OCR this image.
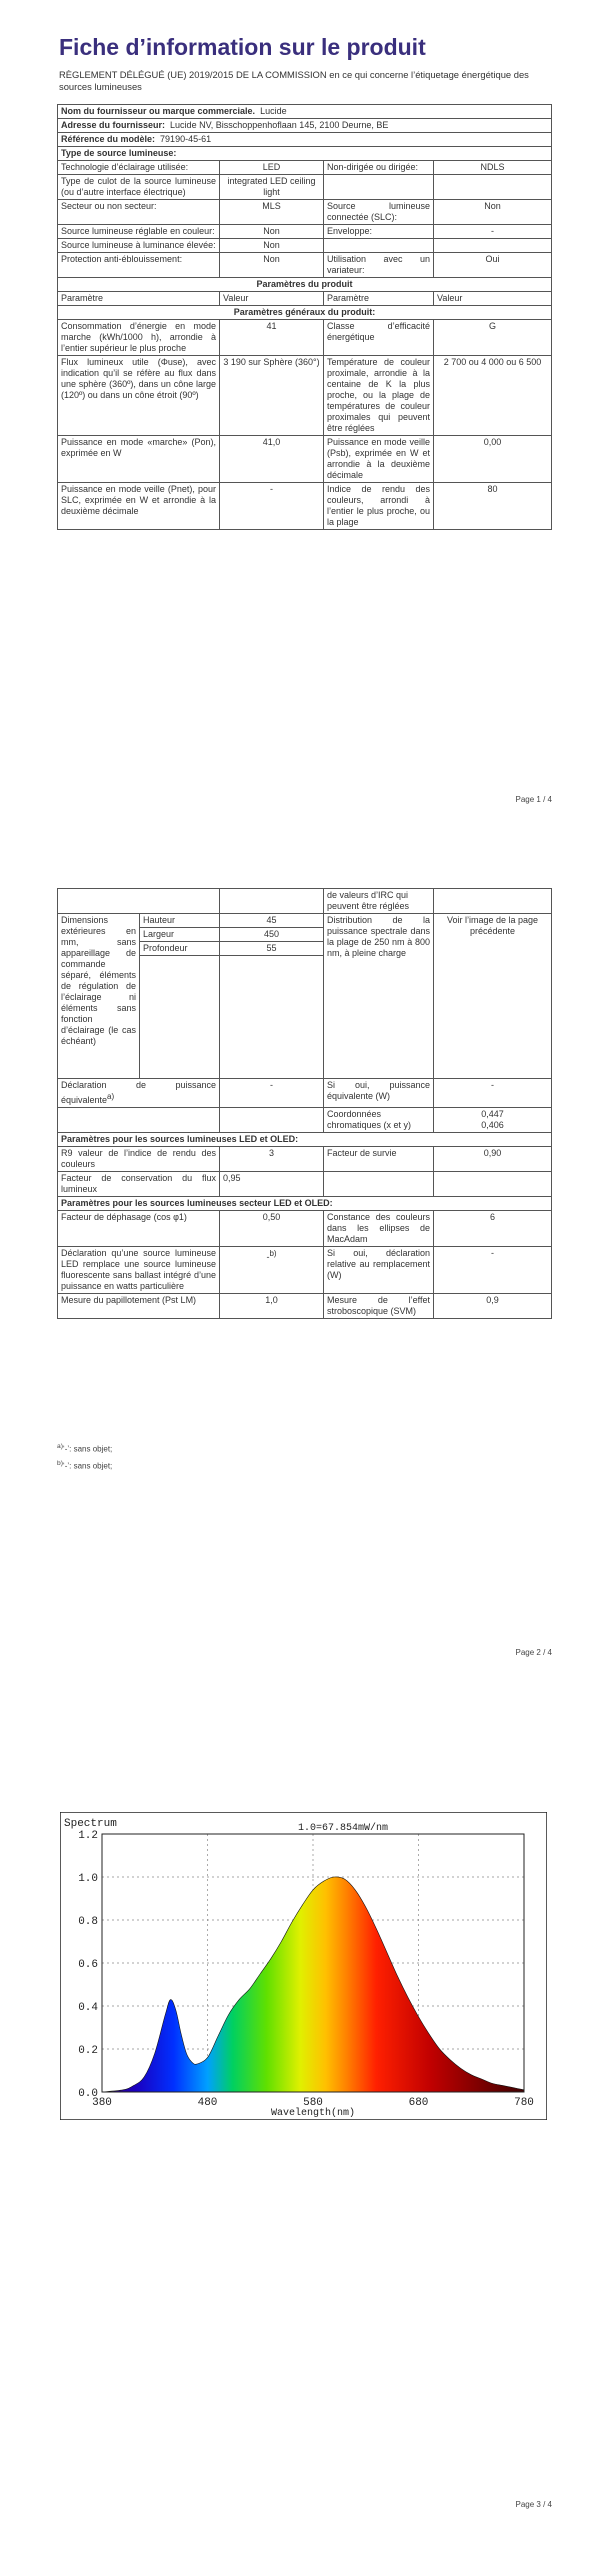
Fiche d’information sur le produit
RÈGLEMENT DÉLÉGUÉ (UE) 2019/2015 DE LA COMMISSION en ce qui concerne l’étiquetage énergétique des sources lumineuses
Nom du fournisseur ou marque commerciale. Lucide			
Adresse du fournisseur: Lucide NV, Bisschoppenhoflaan 145, 2100 Deurne, BE			
Référence du modèle: 79190-45-61			
Type de source lumineuse:			
Technologie d’éclairage utilisée:	LED	Non-dirigée ou dirigée:	NDLS
Type de culot de la source lumineuse (ou d’autre interface électrique)	integrated LED ceiling light		
Secteur ou non secteur:	MLS	Source lumineuse connectée (SLC):	Non
Source lumineuse réglable en couleur:	Non	Enveloppe:	-
Source lumineuse à luminance élevée:	Non		
Protection anti-éblouissement:	Non	Utilisation avec un variateur:	Oui
Paramètres du produit			
Paramètre	Valeur	Paramètre	Valeur
Paramètres généraux du produit:			
Consommation d’énergie en mode marche (kWh/1000 h), arrondie à l’entier supérieur le plus proche	41	Classe d’efficacité énergétique	G
Flux lumineux utile (Φuse), avec indication qu’il se réfère au flux dans une sphère (360º), dans un cône large (120º) ou dans un cône étroit (90º)	3 190 sur Sphère (360°)	Température de couleur proximale, arrondie à la centaine de K la plus proche, ou la plage de températures de couleur proximales qui peuvent être réglées	2 700 ou 4 000 ou 6 500
Puissance en mode «marche» (Pon), exprimée en W	41,0	Puissance en mode veille (Psb), exprimée en W et arrondie à la deuxième décimale	0,00
Puissance en mode veille (Pnet), pour SLC, exprimée en W et arrondie à la deuxième décimale	-	Indice de rendu des couleurs, arrondi à l’entier le plus proche, ou la plage	80
Page 1 / 4
			de valeurs d’IRC qui peuvent être réglées	
Dimensions extérieures en mm, sans appareillage de commande séparé, éléments de régulation de l’éclairage ni éléments sans fonction d’éclairage (le cas échéant)	Hauteur	45	Distribution de la puissance spectrale dans la plage de 250 nm à 800 nm, à pleine charge	Voir l’image de la page précédente
	Largeur	450		
	Profondeur	55		

Déclaration de puissance équivalente$^{a)}$		-	Si oui, puissance équivalente (W)	-
			Coordonnées chromatiques (x et y)	0,447
0,406

Paramètres pour les sources lumineuses LED et OLED:				
R9 valeur de l’indice de rendu des couleurs		3	Facteur de survie	0,90
Facteur de conservation du flux lumineux		0,95		
Paramètres pour les sources lumineuses secteur LED et OLED:				
Facteur de déphasage (cos φ1)		0,50	Constance des couleurs dans les ellipses de MacAdam	6
Déclaration qu’une source lumineuse LED remplace une source lumineuse fluorescente sans ballast intégré d’une puissance en watts particulière		-$^{b)}$	Si oui, déclaration relative au remplacement (W)	-
Mesure du papillotement (Pst LM)		1,0	Mesure de l’effet stroboscopique (SVM)	0,9
$^{a)}$‘-’: sans objet;
$^{b)}$‘-’: sans objet;
Page 2 / 4
Page 3 / 4
0.0
0.2
0.4
0.6
0.8
1.0
1.2
380	480	580	680	780
Spectrum	1.0=67.854mW/nm
Wavelength(nm)
